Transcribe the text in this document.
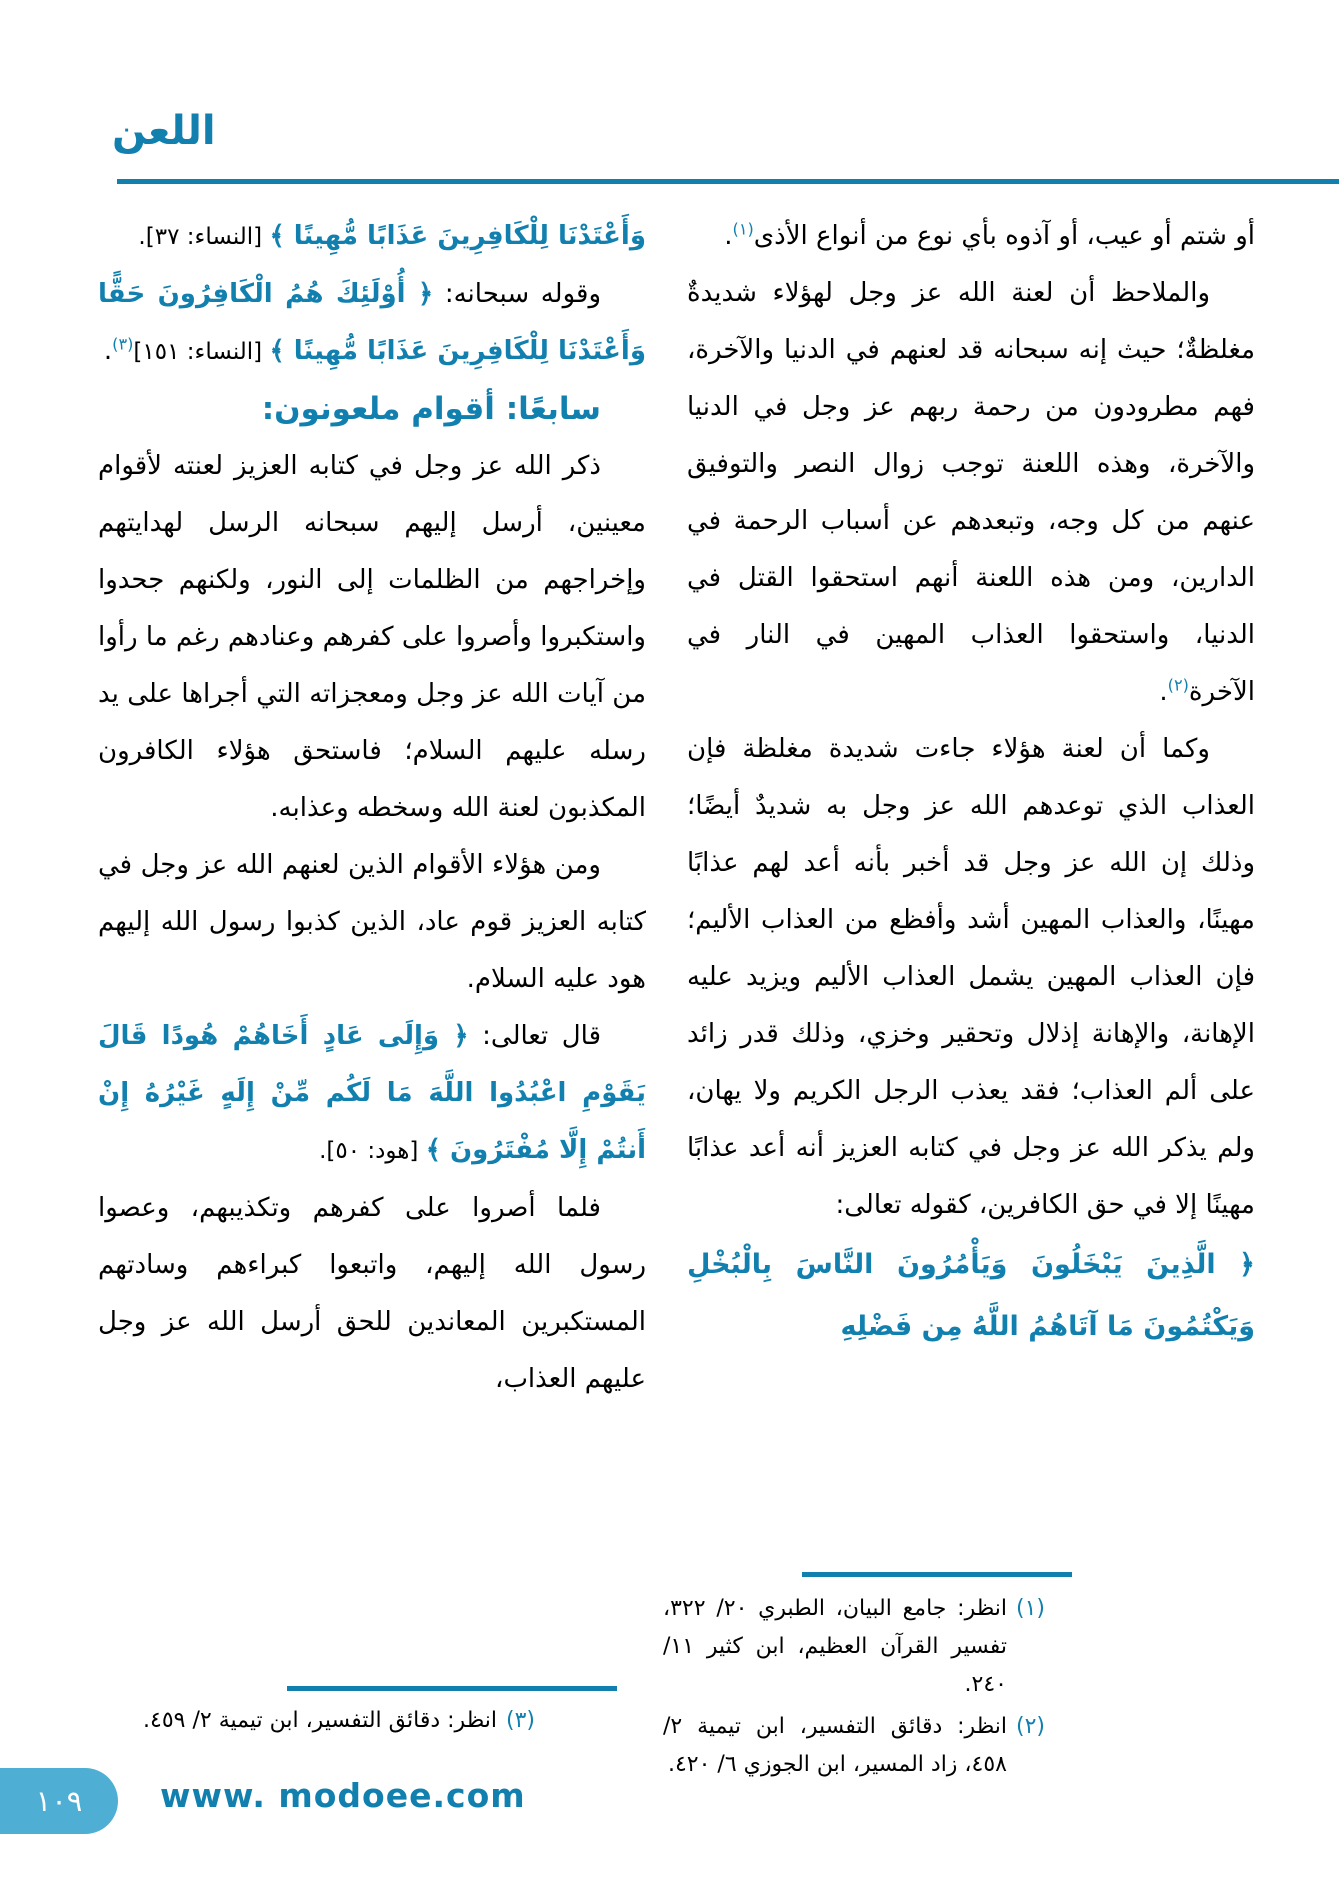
اللعن

أو شتم أو عيب، أو آذوه بأي نوع من أنواع الأذى$^{(١)}$.

والملاحظ أن لعنة الله عز وجل لهؤلاء شديدةٌ مغلظةٌ؛ حيث إنه سبحانه قد لعنهم في الدنيا والآخرة، فهم مطرودون من رحمة ربهم عز وجل في الدنيا والآخرة، وهذه اللعنة توجب زوال النصر والتوفيق عنهم من كل وجه، وتبعدهم عن أسباب الرحمة في الدارين، ومن هذه اللعنة أنهم استحقوا القتل في الدنيا، واستحقوا العذاب المهين في النار في الآخرة$^{(٢)}$.

وكما أن لعنة هؤلاء جاءت شديدة مغلظة فإن العذاب الذي توعدهم الله عز وجل به شديدٌ أيضًا؛ وذلك إن الله عز وجل قد أخبر بأنه أعد لهم عذابًا مهينًا، والعذاب المهين أشد وأفظع من العذاب الأليم؛ فإن العذاب المهين يشمل العذاب الأليم ويزيد عليه الإهانة، والإهانة إذلال وتحقير وخزي، وذلك قدر زائد على ألم العذاب؛ فقد يعذب الرجل الكريم ولا يهان، ولم يذكر الله عز وجل في كتابه العزيز أنه أعد عذابًا مهينًا إلا في حق الكافرين، كقوله تعالى:

﴿ الَّذِينَ يَبْخَلُونَ وَيَأْمُرُونَ النَّاسَ بِالْبُخْلِ وَيَكْتُمُونَ مَا آتَاهُمُ اللَّهُ مِن فَضْلِهِ

وَأَعْتَدْنَا لِلْكَافِرِينَ عَذَابًا مُّهِينًا ﴾ [النساء: ٣٧].

وقوله سبحانه: ﴿ أُوْلَئِكَ هُمُ الْكَافِرُونَ حَقًّا وَأَعْتَدْنَا لِلْكَافِرِينَ عَذَابًا مُّهِينًا ﴾ [النساء: ١٥١]$^{(٣)}$.

سابعًا: أقوام ملعونون:

ذكر الله عز وجل في كتابه العزيز لعنته لأقوام معينين، أرسل إليهم سبحانه الرسل لهدايتهم وإخراجهم من الظلمات إلى النور، ولكنهم جحدوا واستكبروا وأصروا على كفرهم وعنادهم رغم ما رأوا من آيات الله عز وجل ومعجزاته التي أجراها على يد رسله عليهم السلام؛ فاستحق هؤلاء الكافرون المكذبون لعنة الله وسخطه وعذابه.

ومن هؤلاء الأقوام الذين لعنهم الله عز وجل في كتابه العزيز قوم عاد، الذين كذبوا رسول الله إليهم هود عليه السلام.

قال تعالى: ﴿ وَإِلَى عَادٍ أَخَاهُمْ هُودًا قَالَ يَقَوْمِ اعْبُدُوا اللَّهَ مَا لَكُم مِّنْ إِلَهٍ غَيْرُهُ إِنْ أَنتُمْ إِلَّا مُفْتَرُونَ ﴾ [هود: ٥٠].

فلما أصروا على كفرهم وتكذيبهم، وعصوا رسول الله إليهم، واتبعوا كبراءهم وسادتهم المستكبرين المعاندين للحق أرسل الله عز وجل عليهم العذاب،

(١)
انظر: جامع البيان، الطبري ٢٠/ ٣٢٢، تفسير القرآن العظيم، ابن كثير ١١/ ٢٤٠.
(٢)
انظر: دقائق التفسير، ابن تيمية ٢/ ٤٥٨، زاد المسير، ابن الجوزي ٦/ ٤٢٠.
(٣)
انظر: دقائق التفسير، ابن تيمية ٢/ ٤٥٩.
١٠٩	www. modoee.com
